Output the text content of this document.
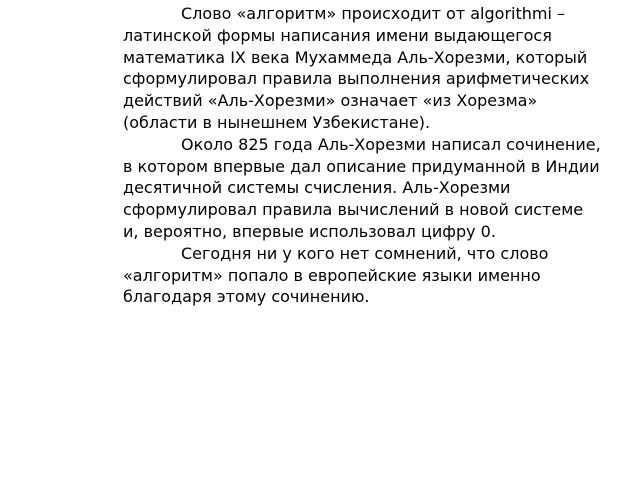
Слово «алгоритм» происходит от algorithmi – латинской формы написания имени выдающегося математика IX века Мухаммеда Аль-Хорезми, который сформулировал правила выполнения арифметических действий «Аль-Хорезми» означает «из Хорезма» (области в нынешнем Узбекистане).

Около 825 года Аль-Хорезми написал сочинение, в котором впервые дал описание придуманной в Индии десятичной системы счисления. Аль-Хорезми сформулировал правила вычислений в новой системе и, вероятно, впервые использовал цифру 0.

Сегодня ни у кого нет сомнений, что слово «алгоритм» попало в европейские языки именно благодаря этому сочинению.
